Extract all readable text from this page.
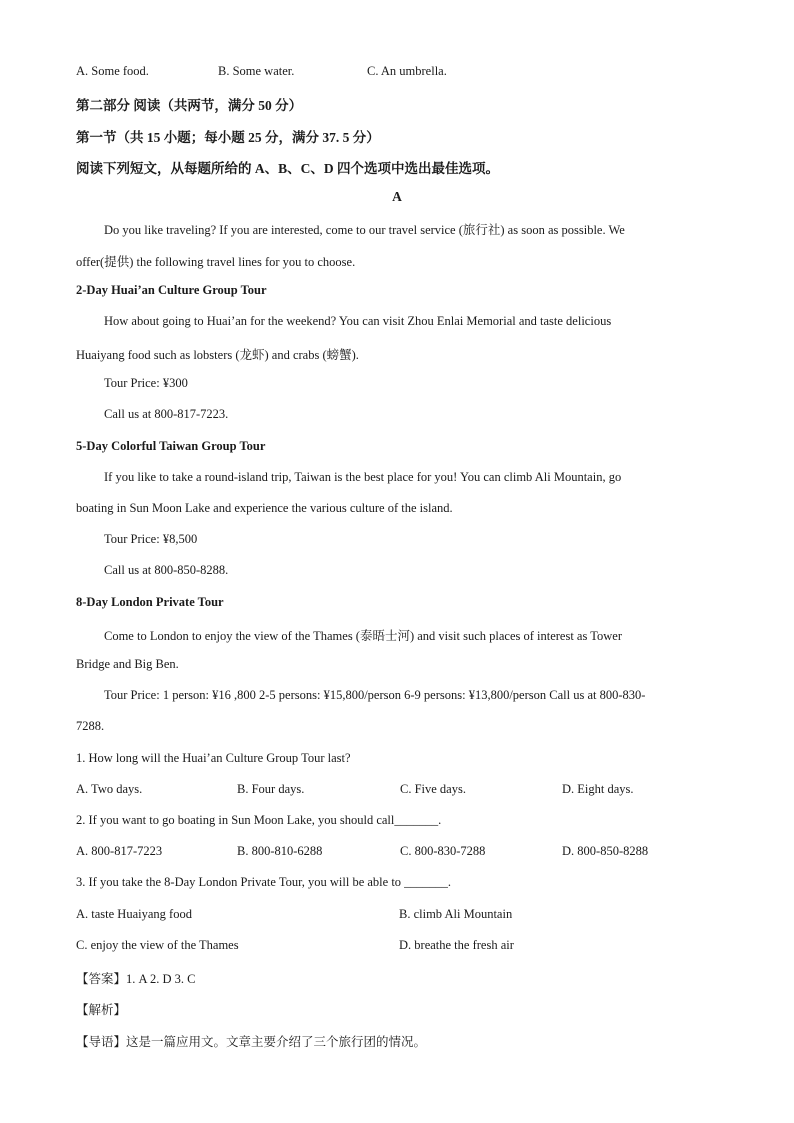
A. Some food.	B. Some water.	C. An umbrella.
第二部分 阅读（共两节，满分 50 分）
第一节（共 15 小题；每小题 25 分，满分 37. 5 分）
阅读下列短文，从每题所给的 A、B、C、D 四个选项中选出最佳选项。
A
Do you like traveling? If you are interested, come to our travel service (旅行社) as soon as possible. We
offer(提供) the following travel lines for you to choose.
2-Day Huai’an Culture Group Tour
How about going to Huai’an for the weekend? You can visit Zhou Enlai Memorial and taste delicious
Huaiyang food such as lobsters (龙虾) and crabs (螃蟹).
Tour Price: ¥300
Call us at 800-817-7223.
5-Day Colorful Taiwan Group Tour
If you like to take a round-island trip, Taiwan is the best place for you! You can climb Ali Mountain, go
boating in Sun Moon Lake and experience the various culture of the island.
Tour Price: ¥8,500
Call us at 800-850-8288.
8-Day London Private Tour
Come to London to enjoy the view of the Thames (泰晤士河) and visit such places of interest as Tower
Bridge and Big Ben.
Tour Price: 1 person: ¥16 ,800 2-5 persons: ¥15,800/person 6-9 persons: ¥13,800/person Call us at 800-830-
7288.
1. How long will the Huai’an Culture Group Tour last?
A. Two days.	B. Four days.	C. Five days.	D. Eight days.
2. If you want to go boating in Sun Moon Lake, you should call_______.
A. 800-817-7223	B. 800-810-6288	C. 800-830-7288	D. 800-850-8288
3. If you take the 8-Day London Private Tour, you will be able to _______.
A. taste Huaiyang food	B. climb Ali Mountain
C. enjoy the view of the Thames	D. breathe the fresh air
【答案】1. A 2. D 3. C
【解析】
【导语】这是一篇应用文。文章主要介绍了三个旅行团的情况。
